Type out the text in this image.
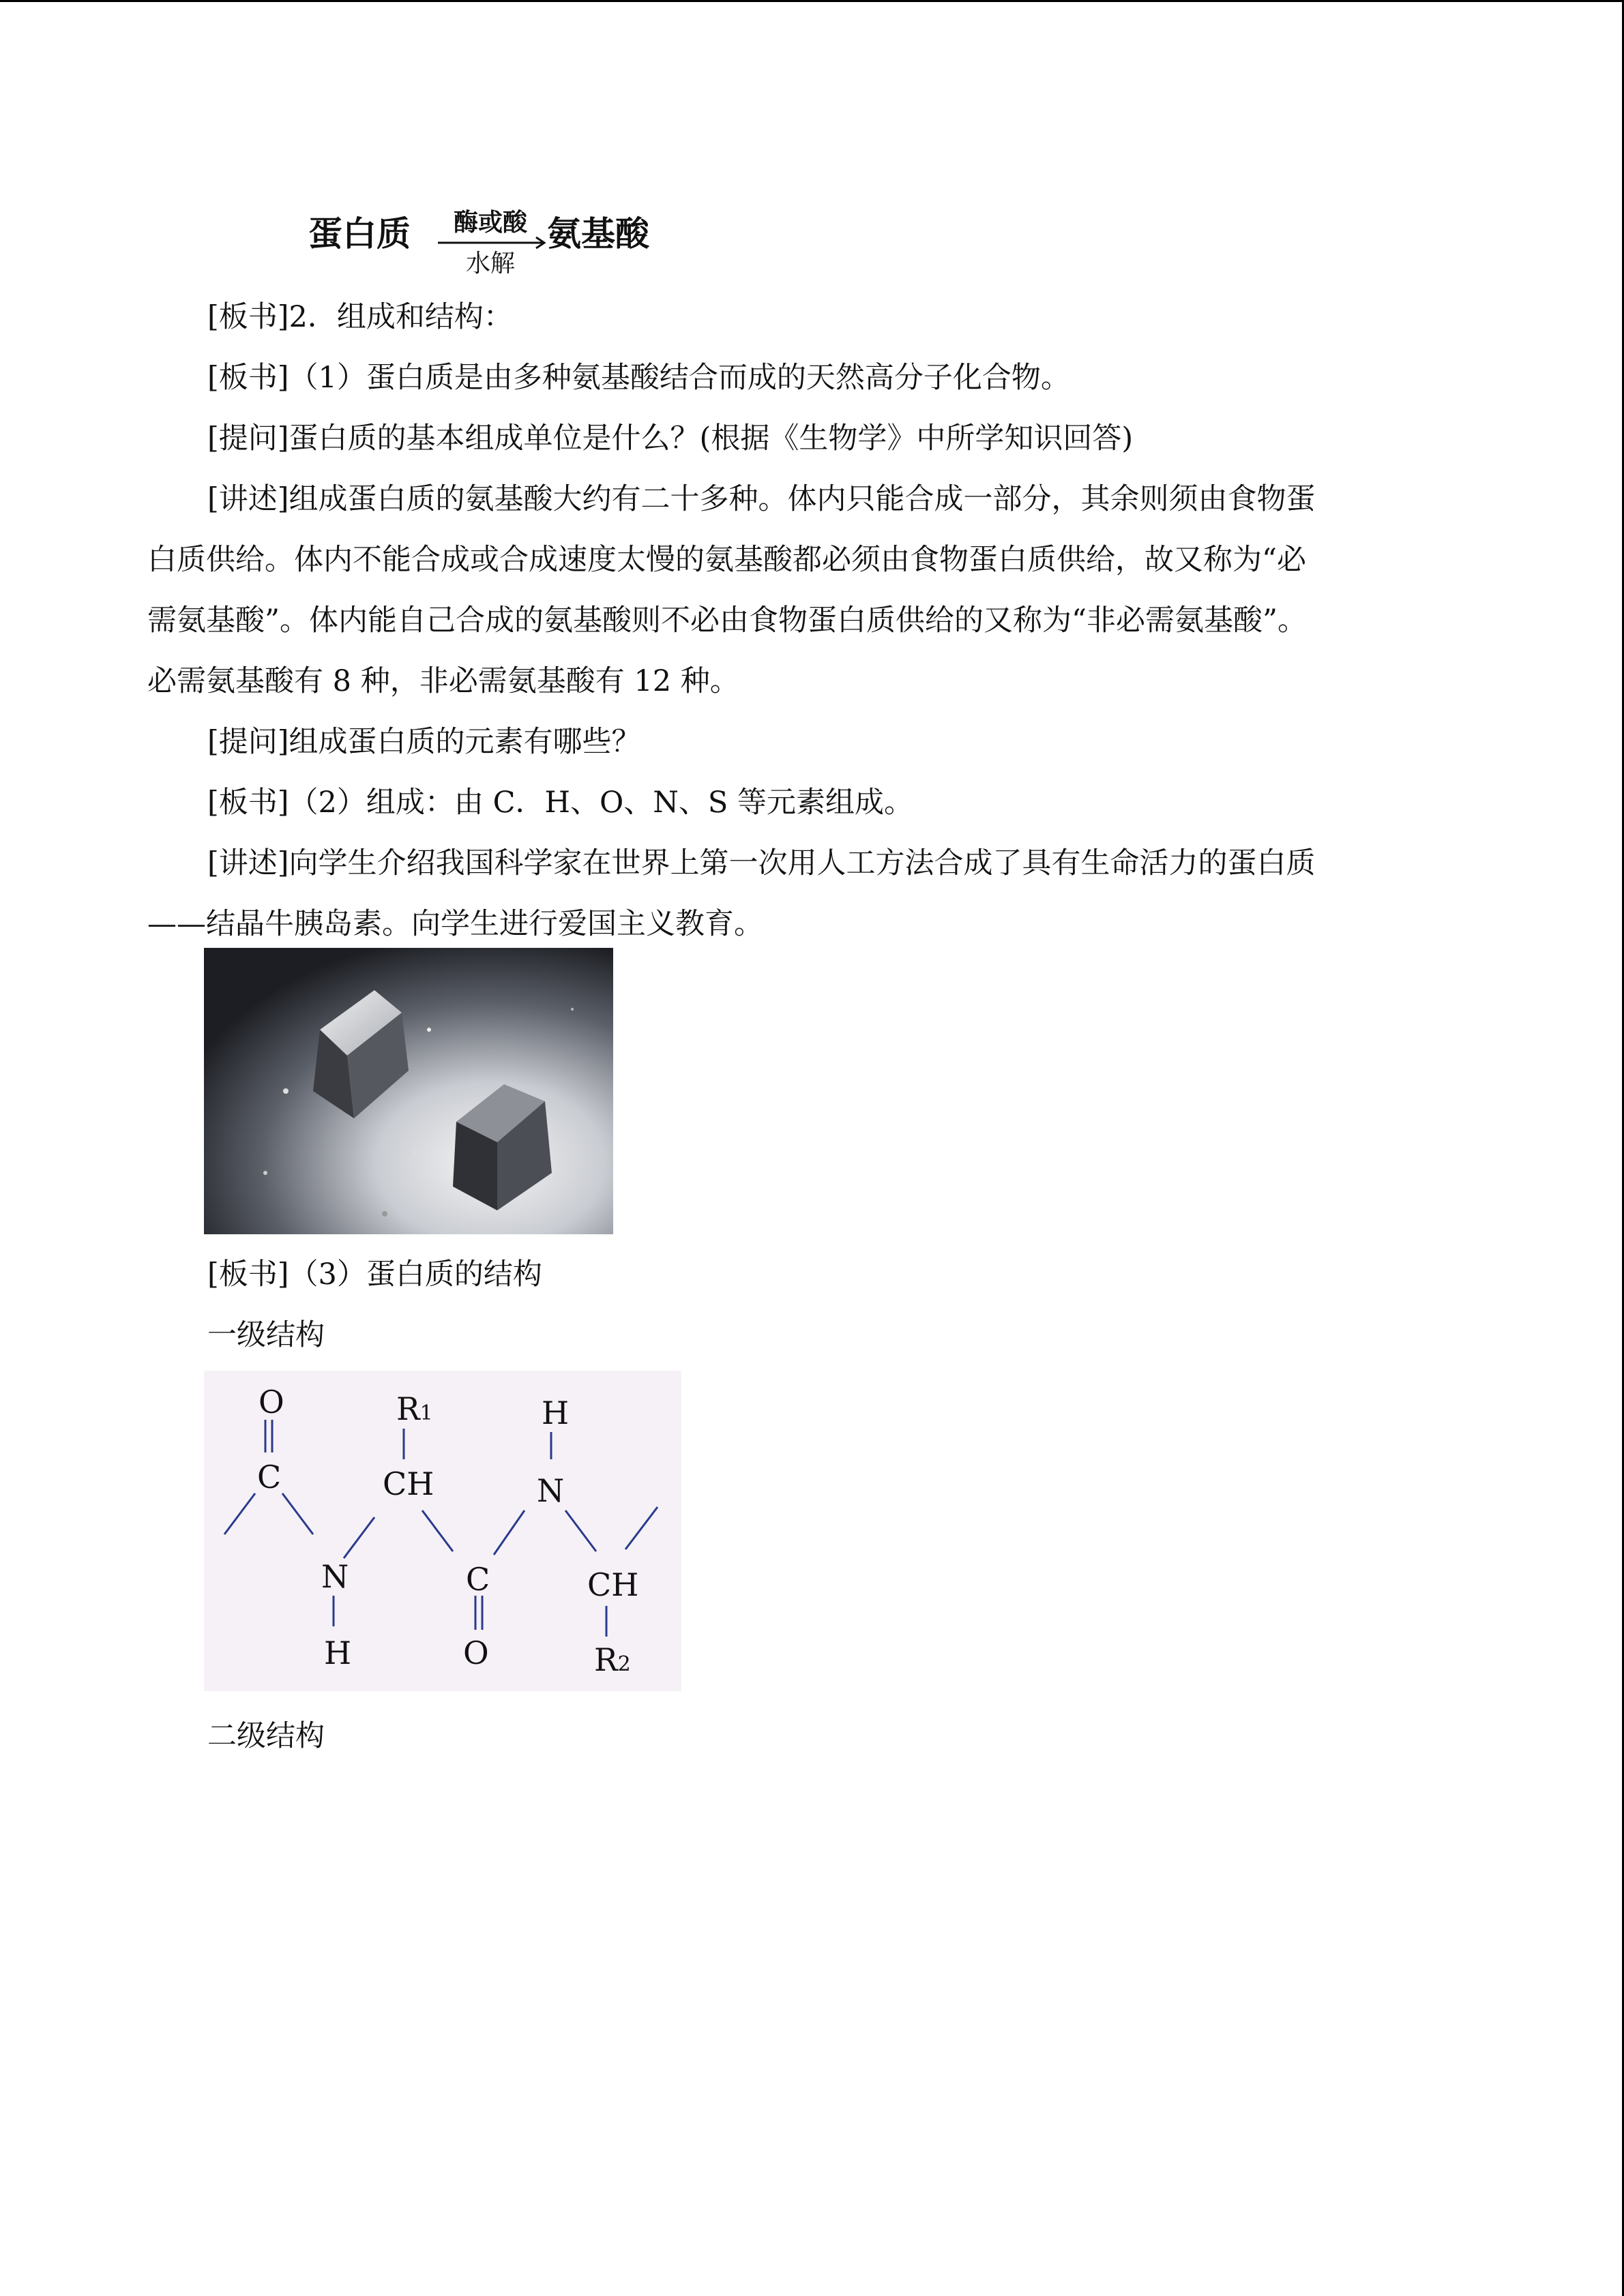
蛋白质	酶或酸
水解
氨基酸
[板书]2．组成和结构：
[板书]（1）蛋白质是由多种氨基酸结合而成的天然高分子化合物。
[提问]蛋白质的基本组成单位是什么？(根据《生物学》中所学知识回答)
[讲述]组成蛋白质的氨基酸大约有二十多种。体内只能合成一部分，其余则须由食物蛋
白质供给。体内不能合成或合成速度太慢的氨基酸都必须由食物蛋白质供给，故又称为“必
需氨基酸”。体内能自己合成的氨基酸则不必由食物蛋白质供给的又称为“非必需氨基酸”。
必需氨基酸有 8 种，非必需氨基酸有 12 种。
[提问]组成蛋白质的元素有哪些？
[板书]（2）组成：由 C．H、O、N、S 等元素组成。
[讲述]向学生介绍我国科学家在世界上第一次用人工方法合成了具有生命活力的蛋白质
——结晶牛胰岛素。向学生进行爱国主义教育。
[板书]（3）蛋白质的结构
一级结构
O	R1	H
C	CH	N
N	C	CH
H	O	R2
二级结构
